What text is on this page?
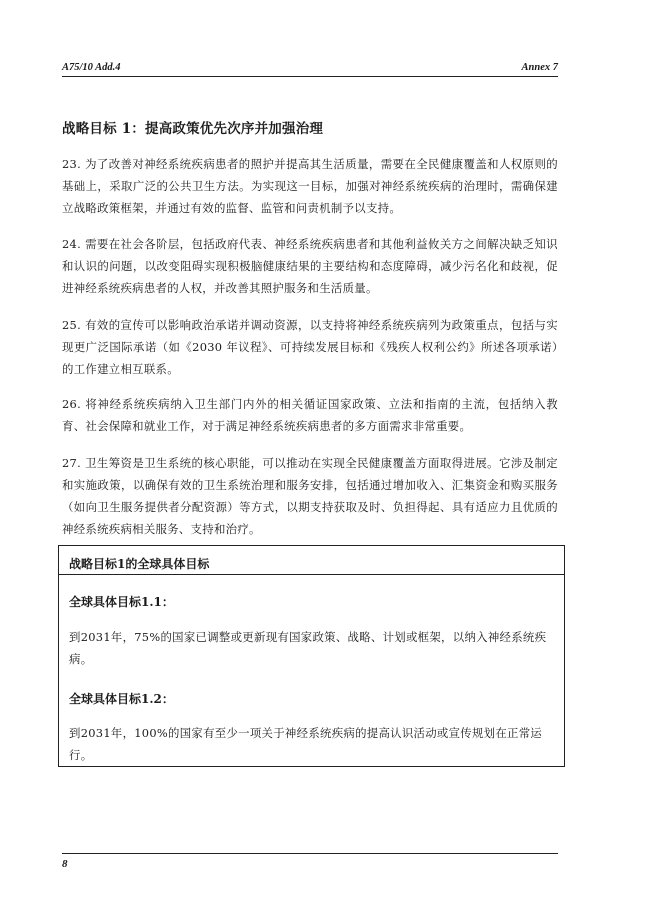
A75/10 Add.4	Annex 7
战略目标 1：提高政策优先次序并加强治理
23. 为了改善对神经系统疾病患者的照护并提高其生活质量，需要在全民健康覆盖和人权原则的基础上，采取广泛的公共卫生方法。为实现这一目标，加强对神经系统疾病的治理时，需确保建立战略政策框架，并通过有效的监督、监管和问责机制予以支持。
24. 需要在社会各阶层，包括政府代表、神经系统疾病患者和其他利益攸关方之间解决缺乏知识和认识的问题，以改变阻碍实现积极脑健康结果的主要结构和态度障碍，减少污名化和歧视，促进神经系统疾病患者的人权，并改善其照护服务和生活质量。
25. 有效的宣传可以影响政治承诺并调动资源，以支持将神经系统疾病列为政策重点，包括与实现更广泛国际承诺（如《2030 年议程》、可持续发展目标和《残疾人权利公约》所述各项承诺）的工作建立相互联系。
26. 将神经系统疾病纳入卫生部门内外的相关循证国家政策、立法和指南的主流，包括纳入教育、社会保障和就业工作，对于满足神经系统疾病患者的多方面需求非常重要。
27. 卫生筹资是卫生系统的核心职能，可以推动在实现全民健康覆盖方面取得进展。它涉及制定和实施政策，以确保有效的卫生系统治理和服务安排，包括通过增加收入、汇集资金和购买服务（如向卫生服务提供者分配资源）等方式，以期支持获取及时、负担得起、具有适应力且优质的神经系统疾病相关服务、支持和治疗。
战略目标1的全球具体目标
全球具体目标1.1：
到2031年，75%的国家已调整或更新现有国家政策、战略、计划或框架，以纳入神经系统疾病。
全球具体目标1.2：
到2031年，100%的国家有至少一项关于神经系统疾病的提高认识活动或宣传规划在正常运行。
8
